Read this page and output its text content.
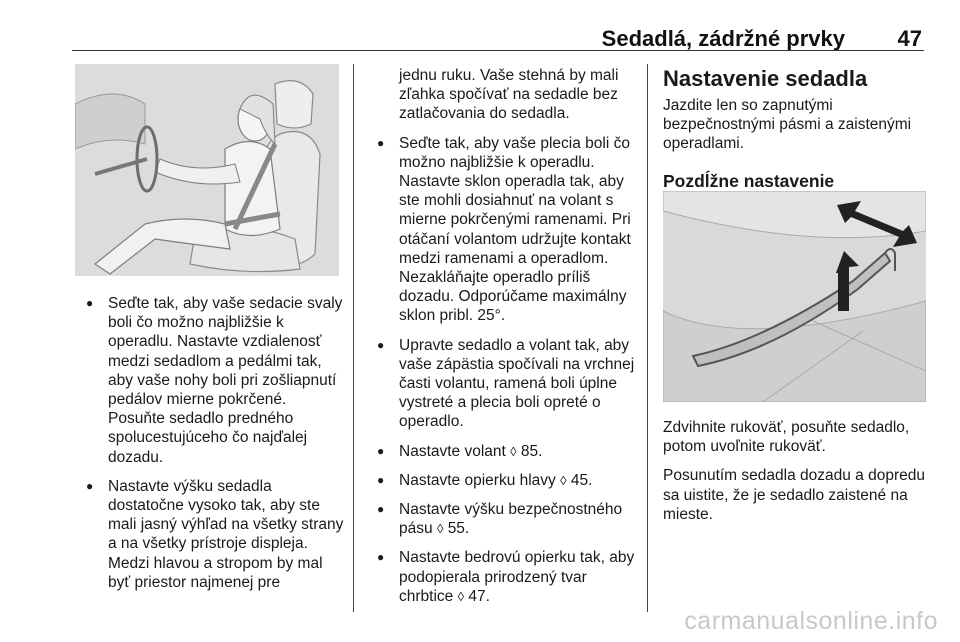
Sedadlá, zádržné prvky 47
● Seďte tak, aby vaše sedacie svaly boli čo možno najbližšie k operadlu. Nastavte vzdialenosť medzi sedadlom a pedálmi tak, aby vaše nohy boli pri zošliapnutí pedálov mierne pokrčené. Posuňte sedadlo predného spolucestujúceho čo najďalej dozadu.
● Nastavte výšku sedadla dostatočne vysoko tak, aby ste mali jasný výhľad na všetky strany a na všetky prístroje displeja. Medzi hlavou a stropom by mal byť priestor najmenej pre
jednu ruku. Vaše stehná by mali zľahka spočívať na sedadle bez zatlačovania do sedadla.
● Seďte tak, aby vaše plecia boli čo možno najbližšie k operadlu. Nastavte sklon operadla tak, aby ste mohli dosiahnuť na volant s mierne pokrčenými ramenami. Pri otáčaní volantom udržujte kontakt medzi ramenami a operadlom. Nezakláňajte operadlo príliš dozadu. Odporúčame maximálny sklon pribl. 25°.
● Upravte sedadlo a volant tak, aby vaše zápästia spočívali na vrchnej časti volantu, ramená boli úplne vystreté a plecia boli opreté o operadlo.
● Nastavte volant ◊ 85.
● Nastavte opierku hlavy ◊ 45.
● Nastavte výšku bezpečnostného pásu ◊ 55.
● Nastavte bedrovú opierku tak, aby podopierala prirodzený tvar chrbtice ◊ 47.
Nastavenie sedadla
Jazdite len so zapnutými bezpečnostnými pásmi a zaistenými operadlami.
Pozdĺžne nastavenie
Zdvihnite rukoväť, posuňte sedadlo, potom uvoľnite rukoväť.
Posunutím sedadla dozadu a dopredu sa uistite, že je sedadlo zaistené na mieste.
carmanualsonline.info
